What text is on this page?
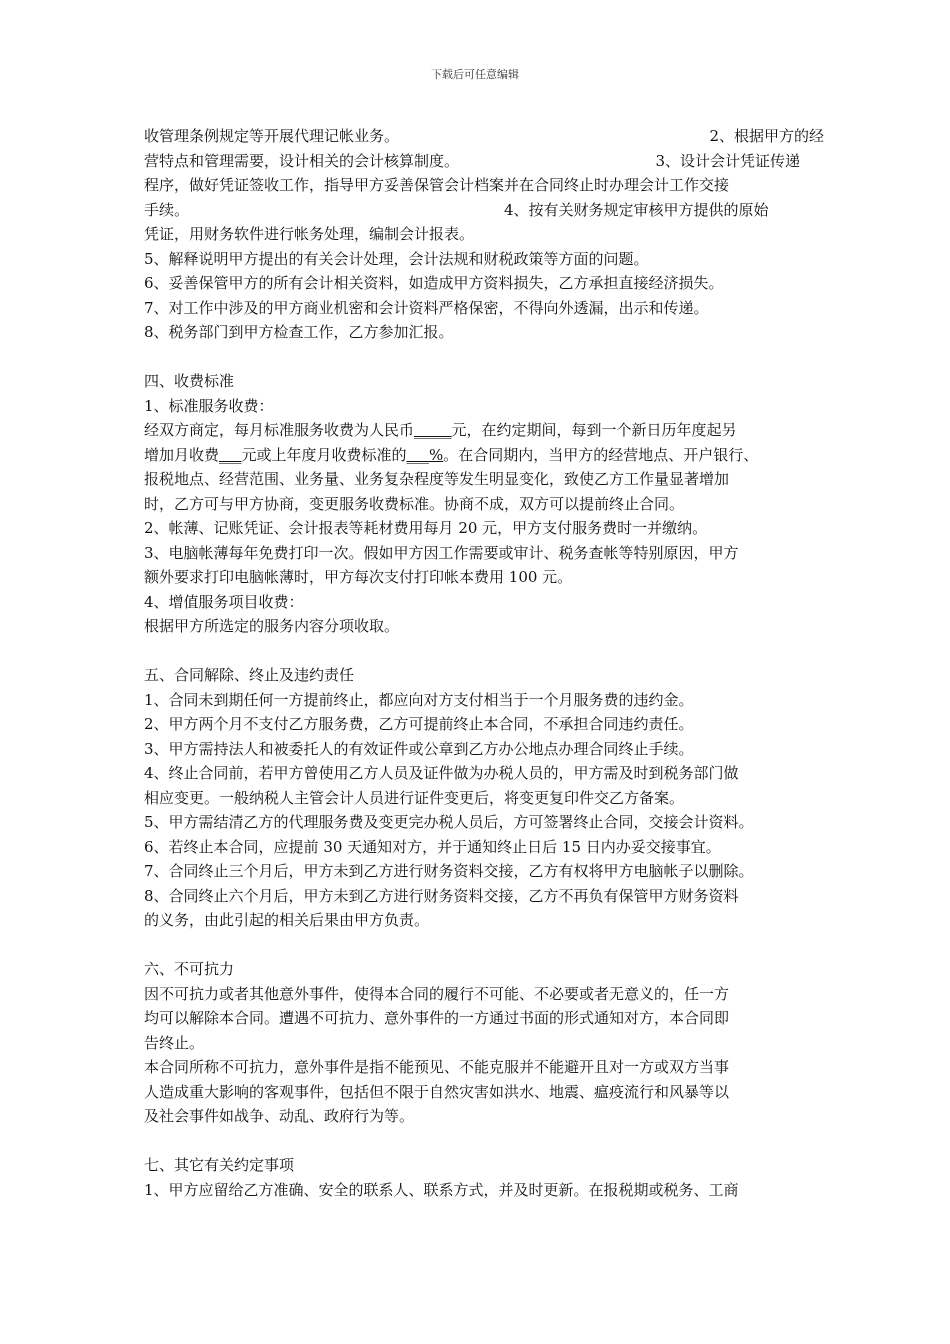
下载后可任意编辑
收管理条例规定等开展代理记帐业务。	2、根据甲方的经
营特点和管理需要，设计相关的会计核算制度。	3、设计会计凭证传递
程序，做好凭证签收工作，指导甲方妥善保管会计档案并在合同终止时办理会计工作交接
手续。	4、按有关财务规定审核甲方提供的原始
凭证，用财务软件进行帐务处理，编制会计报表。
5、解释说明甲方提出的有关会计处理，会计法规和财税政策等方面的问题。
6、妥善保管甲方的所有会计相关资料，如造成甲方资料损失，乙方承担直接经济损失。
7、对工作中涉及的甲方商业机密和会计资料严格保密，不得向外透漏，出示和传递。
8、税务部门到甲方检查工作，乙方参加汇报。
四、收费标准
1、标准服务收费：
经双方商定，每月标准服务收费为人民币_____元，在约定期间，每到一个新日历年度起另
增加月收费___元或上年度月收费标准的___%。在合同期内，当甲方的经营地点、开户银行、
报税地点、经营范围、业务量、业务复杂程度等发生明显变化，致使乙方工作量显著增加
时，乙方可与甲方协商，变更服务收费标准。协商不成，双方可以提前终止合同。
2、帐薄、记账凭证、会计报表等耗材费用每月 20 元，甲方支付服务费时一并缴纳。
3、电脑帐薄每年免费打印一次。假如甲方因工作需要或审计、税务查帐等特别原因，甲方
额外要求打印电脑帐薄时，甲方每次支付打印帐本费用 100 元。
4、增值服务项目收费：
根据甲方所选定的服务内容分项收取。
五、合同解除、终止及违约责任
1、合同未到期任何一方提前终止，都应向对方支付相当于一个月服务费的违约金。
2、甲方两个月不支付乙方服务费，乙方可提前终止本合同，不承担合同违约责任。
3、甲方需持法人和被委托人的有效证件或公章到乙方办公地点办理合同终止手续。
4、终止合同前，若甲方曾使用乙方人员及证件做为办税人员的，甲方需及时到税务部门做
相应变更。一般纳税人主管会计人员进行证件变更后，将变更复印件交乙方备案。
5、甲方需结清乙方的代理服务费及变更完办税人员后，方可签署终止合同，交接会计资料。
6、若终止本合同，应提前 30 天通知对方，并于通知终止日后 15 日内办妥交接事宜。
7、合同终止三个月后，甲方未到乙方进行财务资料交接，乙方有权将甲方电脑帐子以删除。
8、合同终止六个月后，甲方未到乙方进行财务资料交接，乙方不再负有保管甲方财务资料
的义务，由此引起的相关后果由甲方负责。
六、不可抗力
因不可抗力或者其他意外事件，使得本合同的履行不可能、不必要或者无意义的，任一方
均可以解除本合同。遭遇不可抗力、意外事件的一方通过书面的形式通知对方，本合同即
告终止。
本合同所称不可抗力，意外事件是指不能预见、不能克服并不能避开且对一方或双方当事
人造成重大影响的客观事件，包括但不限于自然灾害如洪水、地震、瘟疫流行和风暴等以
及社会事件如战争、动乱、政府行为等。
七、其它有关约定事项
1、甲方应留给乙方准确、安全的联系人、联系方式，并及时更新。在报税期或税务、工商
